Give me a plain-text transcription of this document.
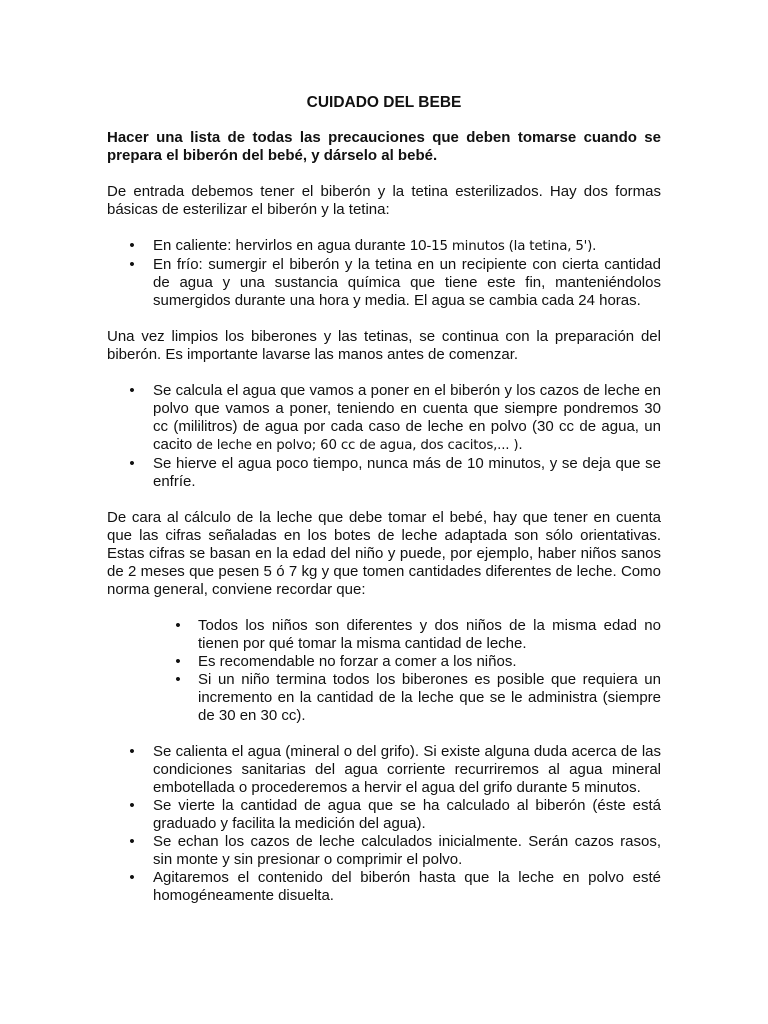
CUIDADO DEL BEBE

Hacer una lista de todas las precauciones que deben tomarse cuando se prepara el biberón del bebé, y dárselo al bebé.

De entrada debemos tener el biberón y la tetina esterilizados. Hay dos formas básicas de esterilizar el biberón y la tetina:

• En caliente: hervirlos en agua durante 10-15 minutos (la tetina, 5').
• En frío: sumergir el biberón y la tetina en un recipiente con cierta cantidad de agua y una sustancia química que tiene este fin, manteniéndolos sumergidos durante una hora y media. El agua se cambia cada 24 horas.

Una vez limpios los biberones y las tetinas, se continua con la preparación del biberón. Es importante lavarse las manos antes de comenzar.

• Se calcula el agua que vamos a poner en el biberón y los cazos de leche en polvo que vamos a poner, teniendo en cuenta que siempre pondremos 30 cc (mililitros) de agua por cada caso de leche en polvo (30 cc de agua, un cacito de leche en polvo; 60 cc de agua, dos cacitos,... ).
• Se hierve el agua poco tiempo, nunca más de 10 minutos, y se deja que se enfríe.

De cara al cálculo de la leche que debe tomar el bebé, hay que tener en cuenta que las cifras señaladas en los botes de leche adaptada son sólo orientativas. Estas cifras se basan en la edad del niño y puede, por ejemplo, haber niños sanos de 2 meses que pesen 5 ó 7 kg y que tomen cantidades diferentes de leche. Como norma general, conviene recordar que:

• Todos los niños son diferentes y dos niños de la misma edad no tienen por qué tomar la misma cantidad de leche.
• Es recomendable no forzar a comer a los niños.
• Si un niño termina todos los biberones es posible que requiera un incremento en la cantidad de la leche que se le administra (siempre de 30 en 30 cc).
• Se calienta el agua (mineral o del grifo). Si existe alguna duda acerca de las condiciones sanitarias del agua corriente recurriremos al agua mineral embotellada o procederemos a hervir el agua del grifo durante 5 minutos.
• Se vierte la cantidad de agua que se ha calculado al biberón (éste está graduado y facilita la medición del agua).
• Se echan los cazos de leche calculados inicialmente. Serán cazos rasos, sin monte y sin presionar o comprimir el polvo.
• Agitaremos el contenido del biberón hasta que la leche en polvo esté homogéneamente disuelta.
